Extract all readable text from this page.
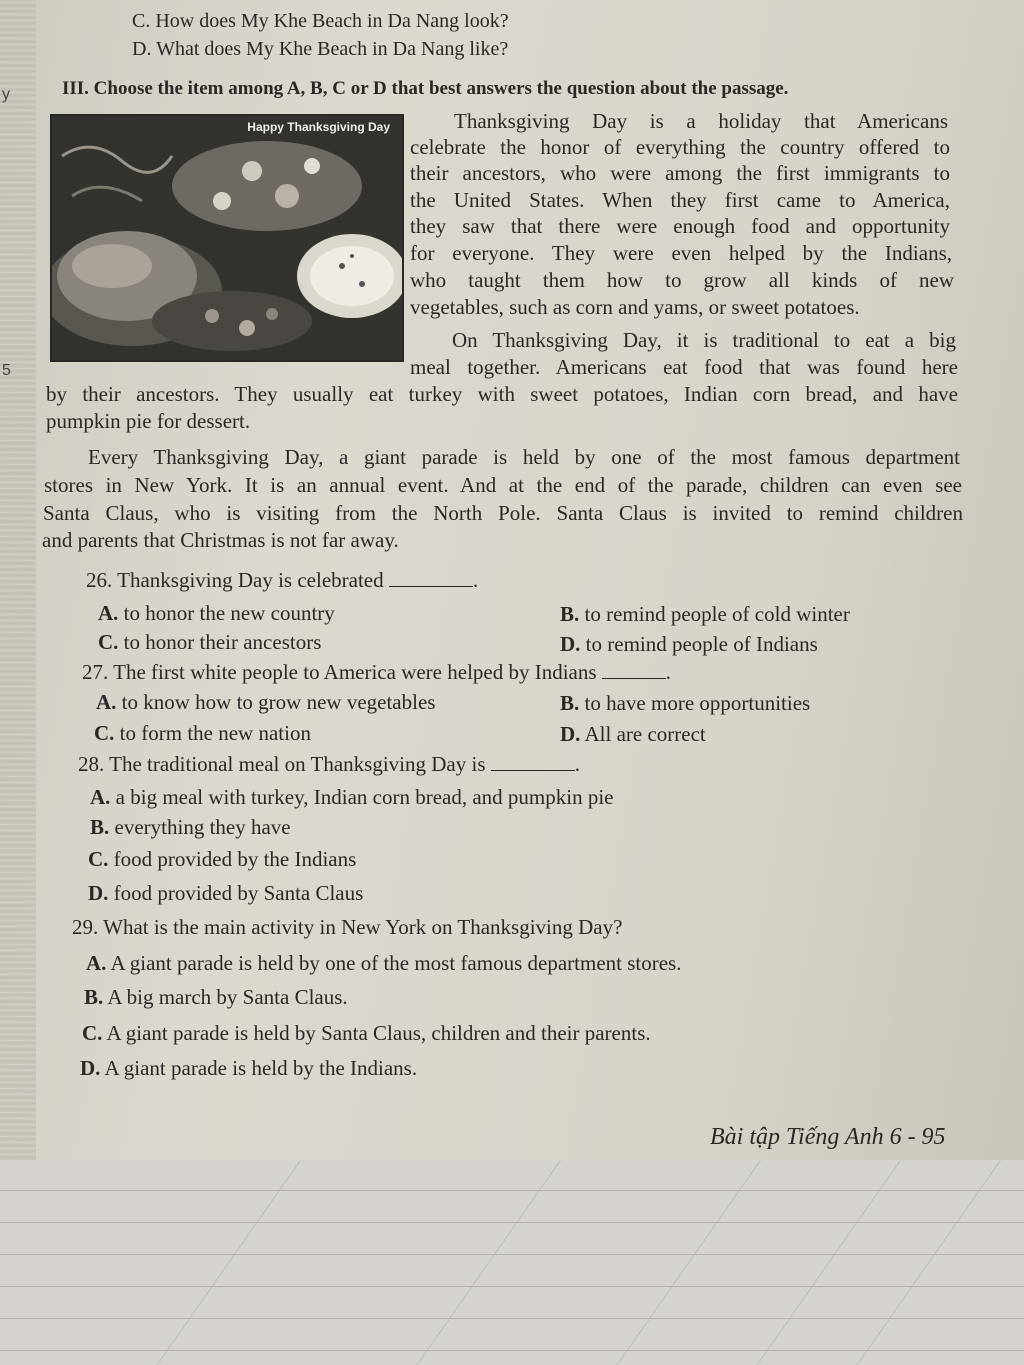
y
5
C. How does My Khe Beach in Da Nang look?
D. What does My Khe Beach in Da Nang like?
III. Choose the item among A, B, C or D that best answers the question about the passage.
Happy Thanksgiving Day	Thanksgiving Day is a holiday that Americans
celebrate the honor of everything the country offered to
their ancestors, who were among the first immigrants to
the United States. When they first came to America,
they saw that there were enough food and opportunity
for everyone. They were even helped by the Indians,
who taught them how to grow all kinds of new
vegetables, such as corn and yams, or sweet potatoes.
On Thanksgiving Day, it is traditional to eat a big
meal together. Americans eat food that was found here
by their ancestors. They usually eat turkey with sweet potatoes, Indian corn bread, and have
pumpkin pie for dessert.
Every Thanksgiving Day, a giant parade is held by one of the most famous department
stores in New York. It is an annual event. And at the end of the parade, children can even see
Santa Claus, who is visiting from the North Pole. Santa Claus is invited to remind children
and parents that Christmas is not far away.
26. Thanksgiving Day is celebrated	.
A. to honor the new country	B. to remind people of cold winter
C. to honor their ancestors	D. to remind people of Indians
27. The first white people to America were helped by Indians	.
A. to know how to grow new vegetables	B. to have more opportunities
C. to form the new nation	D. All are correct
28. The traditional meal on Thanksgiving Day is	.
A. a big meal with turkey, Indian corn bread, and pumpkin pie
B. everything they have
C. food provided by the Indians
D. food provided by Santa Claus
29. What is the main activity in New York on Thanksgiving Day?
A. A giant parade is held by one of the most famous department stores.
B. A big march by Santa Claus.
C. A giant parade is held by Santa Claus, children and their parents.
D. A giant parade is held by the Indians.
Bài tập Tiếng Anh 6 - 95
